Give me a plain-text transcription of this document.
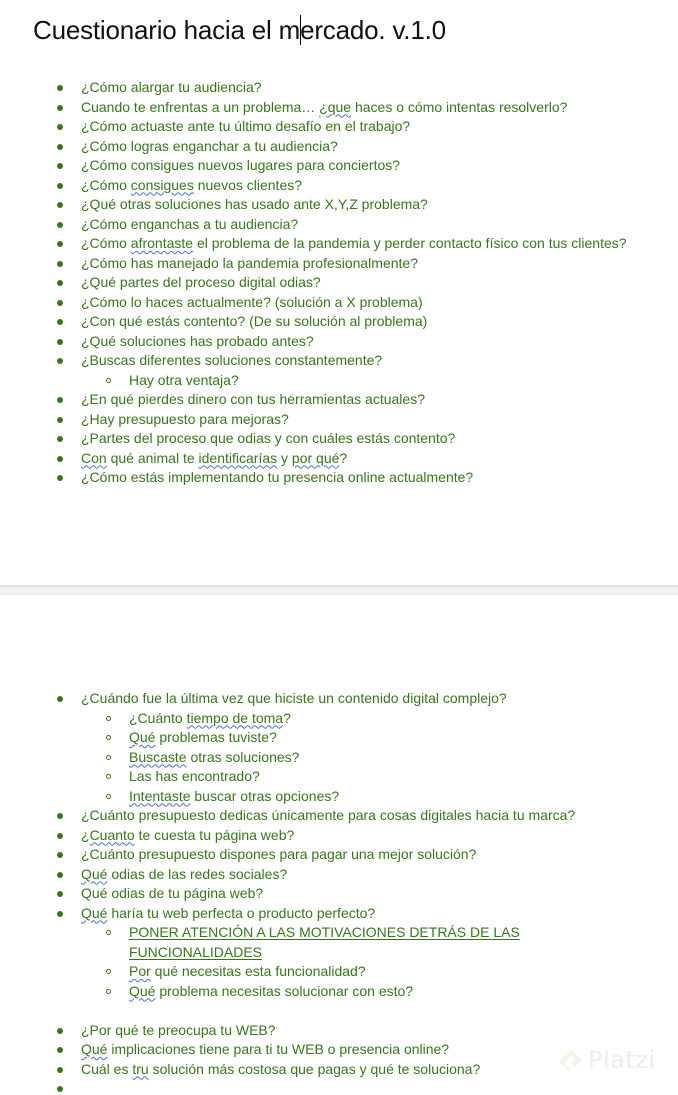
Cuestionario hacia el mercado. v.1.0
¿Cómo alargar tu audiencia?
Cuando te enfrentas a un problema… ¿que haces o cómo intentas resolverlo?
¿Cómo actuaste ante tu último desafío en el trabajo?
¿Cómo logras enganchar a tu audiencia?
¿Cómo consigues nuevos lugares para conciertos?
¿Cómo consigues nuevos clientes?
¿Qué otras soluciones has usado ante X,Y,Z problema?
¿Cómo enganchas a tu audiencia?
¿Cómo afrontaste el problema de la pandemia y perder contacto físico con tus clientes?
¿Cómo has manejado la pandemia profesionalmente?
¿Qué partes del proceso digital odias?
¿Cómo lo haces actualmente? (solución a X problema)
¿Con qué estás contento? (De su solución al problema)
¿Qué soluciones has probado antes?
¿Buscas diferentes soluciones constantemente?
Hay otra ventaja?
¿En qué pierdes dinero con tus herramientas actuales?
¿Hay presupuesto para mejoras?
¿Partes del proceso que odias y con cuáles estás contento?
Con qué animal te identificarías y por qué?
¿Cómo estás implementando tu presencia online actualmente?
¿Cuándo fue la última vez que hiciste un contenido digital complejo?
¿Cuánto tiempo de toma?
Qué problemas tuviste?
Buscaste otras soluciones?
Las has encontrado?
Intentaste buscar otras opciones?
¿Cuánto presupuesto dedicas únicamente para cosas digitales hacia tu marca?
¿Cuanto te cuesta tu página web?
¿Cuánto presupuesto dispones para pagar una mejor solución?
Qué odias de las redes sociales?
Qué odias de tu página web?
Qué haría tu web perfecta o producto perfecto?
PONER ATENCIÓN A LAS MOTIVACIONES DETRÁS DE LAS FUNCIONALIDADES
Por qué necesitas esta funcionalidad?
Qué problema necesitas solucionar con esto?
¿Por qué te preocupa tu WEB?
Qué implicaciones tiene para ti tu WEB o presencia online?
Cuál es tru solución más costosa que pagas y qué te soluciona?	Platzi
